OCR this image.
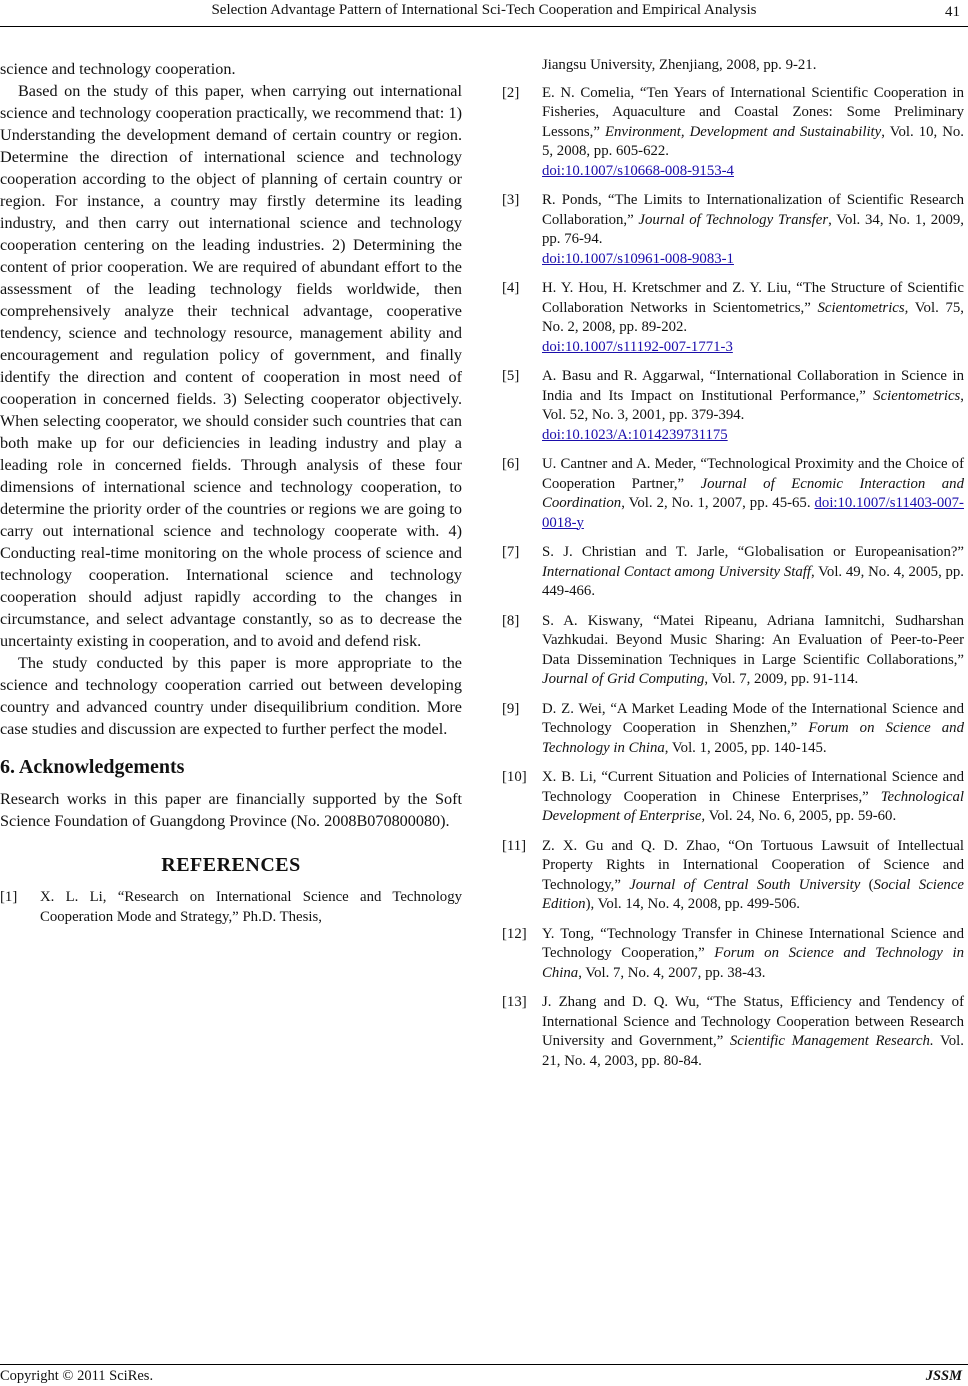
Selection Advantage Pattern of International Sci-Tech Cooperation and Empirical Analysis	41

science and technology cooperation.

Based on the study of this paper, when carrying out international science and technology cooperation practically, we recommend that: 1) Understanding the development demand of certain country or region. Determine the direction of international science and technology cooperation according to the object of planning of certain country or region. For instance, a country may firstly determine its leading industry, and then carry out international science and technology cooperation centering on the leading industries. 2) Determining the content of prior cooperation. We are required of abundant effort to the assessment of the leading technology fields worldwide, then comprehensively analyze their technical advantage, cooperative tendency, science and technology resource, management ability and encouragement and regulation policy of government, and finally identify the direction and content of cooperation in most need of cooperation in concerned fields. 3) Selecting cooperator objectively. When selecting cooperator, we should consider such countries that can both make up for our deficiencies in leading industry and play a leading role in concerned fields. Through analysis of these four dimensions of international science and technology cooperation, to determine the priority order of the countries or regions we are going to carry out international science and technology cooperate with. 4) Conducting real-time monitoring on the whole process of science and technology cooperation. International science and technology cooperation should adjust rapidly according to the changes in circumstance, and select advantage constantly, so as to decrease the uncertainty existing in cooperation, and to avoid and defend risk.

The study conducted by this paper is more appropriate to the science and technology cooperation carried out between developing country and advanced country under disequilibrium condition. More case studies and discussion are expected to further perfect the model.

6. Acknowledgements

Research works in this paper are financially supported by the Soft Science Foundation of Guangdong Province (No. 2008B070800080).

REFERENCES
[1]	X. L. Li, “Research on International Science and Technology Cooperation Mode and Strategy,” Ph.D. Thesis,
Jiangsu University, Zhenjiang, 2008, pp. 9-21.
[2]	E. N. Comelia, “Ten Years of International Scientific Cooperation in Fisheries, Aquaculture and Coastal Zones: Some Preliminary Lessons,” Environment, Development and Sustainability, Vol. 10, No. 5, 2008, pp. 605-622.
doi:10.1007/s10668-008-9153-4
[3]	R. Ponds, “The Limits to Internationalization of Scientific Research Collaboration,” Journal of Technology Transfer, Vol. 34, No. 1, 2009, pp. 76-94.
doi:10.1007/s10961-008-9083-1
[4]	H. Y. Hou, H. Kretschmer and Z. Y. Liu, “The Structure of Scientific Collaboration Networks in Scientometrics,” Scientometrics, Vol. 75, No. 2, 2008, pp. 89-202.
doi:10.1007/s11192-007-1771-3
[5]	A. Basu and R. Aggarwal, “International Collaboration in Science in India and Its Impact on Institutional Performance,” Scientometrics, Vol. 52, No. 3, 2001, pp. 379-394.
doi:10.1023/A:1014239731175
[6]	U. Cantner and A. Meder, “Technological Proximity and the Choice of Cooperation Partner,” Journal of Ecnomic Interaction and Coordination, Vol. 2, No. 1, 2007, pp. 45-65. doi:10.1007/s11403-007-0018-y
[7]	S. J. Christian and T. Jarle, “Globalisation or Europeanisation?” International Contact among University Staff, Vol. 49, No. 4, 2005, pp. 449-466.
[8]	S. A. Kiswany, “Matei Ripeanu, Adriana Iamnitchi, Sudharshan Vazhkudai. Beyond Music Sharing: An Evaluation of Peer-to-Peer Data Dissemination Techniques in Large Scientific Collaborations,” Journal of Grid Computing, Vol. 7, 2009, pp. 91-114.
[9]	D. Z. Wei, “A Market Leading Mode of the International Science and Technology Cooperation in Shenzhen,” Forum on Science and Technology in China, Vol. 1, 2005, pp. 140-145.
[10]	X. B. Li, “Current Situation and Policies of International Science and Technology Cooperation in Chinese Enterprises,” Technological Development of Enterprise, Vol. 24, No. 6, 2005, pp. 59-60.
[11]	Z. X. Gu and Q. D. Zhao, “On Tortuous Lawsuit of Intellectual Property Rights in International Cooperation of Science and Technology,” Journal of Central South University (Social Science Edition), Vol. 14, No. 4, 2008, pp. 499-506.
[12]	Y. Tong, “Technology Transfer in Chinese International Science and Technology Cooperation,” Forum on Science and Technology in China, Vol. 7, No. 4, 2007, pp. 38-43.
[13]	J. Zhang and D. Q. Wu, “The Status, Efficiency and Tendency of International Science and Technology Cooperation between Research University and Government,” Scientific Management Research. Vol. 21, No. 4, 2003, pp. 80-84.
Copyright © 2011 SciRes.	JSSM
